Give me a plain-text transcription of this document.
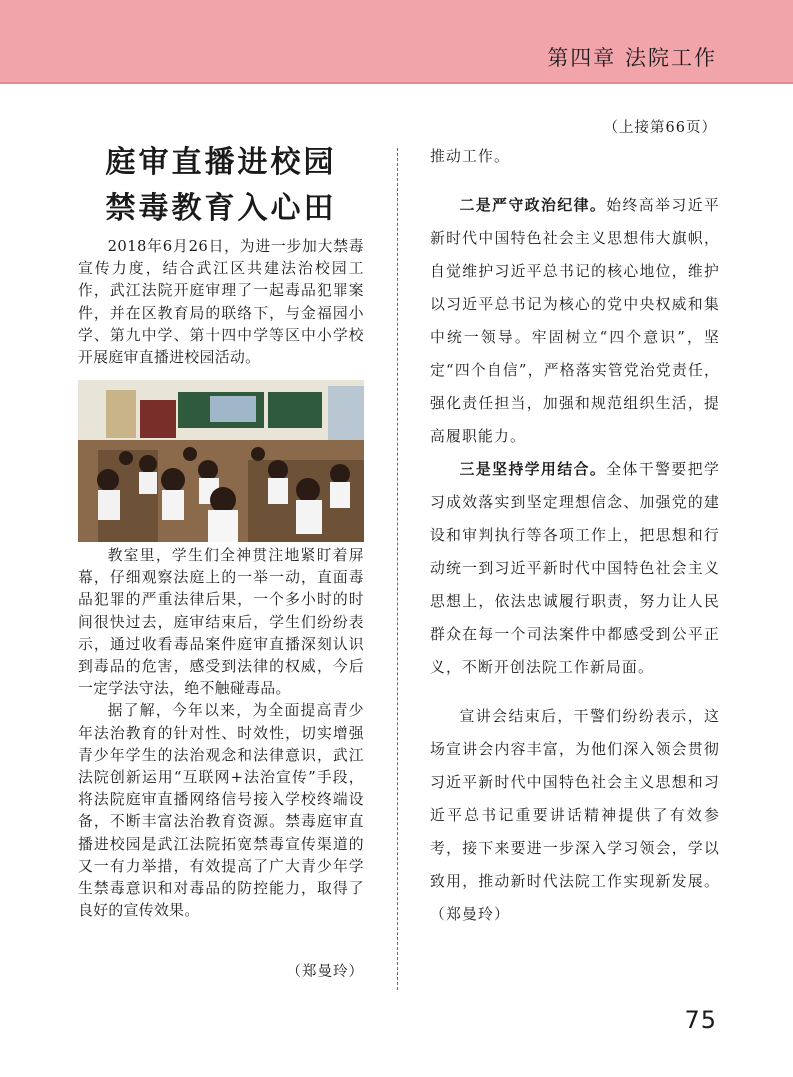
第四章 法院工作
（上接第66页）
庭审直播进校园
禁毒教育入心田

2018年6月26日，为进一步加大禁毒宣传力度，结合武江区共建法治校园工作，武江法院开庭审理了一起毒品犯罪案件，并在区教育局的联络下，与金福园小学、第九中学、第十四中学等区中小学校开展庭审直播进校园活动。

教室里，学生们全神贯注地紧盯着屏幕，仔细观察法庭上的一举一动，直面毒品犯罪的严重法律后果，一个多小时的时间很快过去，庭审结束后，学生们纷纷表示，通过收看毒品案件庭审直播深刻认识到毒品的危害，感受到法律的权威，今后一定学法守法，绝不触碰毒品。

据了解，今年以来，为全面提高青少年法治教育的针对性、时效性，切实增强青少年学生的法治观念和法律意识，武江法院创新运用“互联网+法治宣传”手段，将法院庭审直播网络信号接入学校终端设备，不断丰富法治教育资源。禁毒庭审直播进校园是武江法院拓宽禁毒宣传渠道的又一有力举措，有效提高了广大青少年学生禁毒意识和对毒品的防控能力，取得了良好的宣传效果。

（郑曼玲）

推动工作。

二是严守政治纪律。始终高举习近平新时代中国特色社会主义思想伟大旗帜，自觉维护习近平总书记的核心地位，维护以习近平总书记为核心的党中央权威和集中统一领导。牢固树立“四个意识”，坚定“四个自信”，严格落实管党治党责任，强化责任担当，加强和规范组织生活，提高履职能力。

三是坚持学用结合。全体干警要把学习成效落实到坚定理想信念、加强党的建设和审判执行等各项工作上，把思想和行动统一到习近平新时代中国特色社会主义思想上，依法忠诚履行职责，努力让人民群众在每一个司法案件中都感受到公平正义，不断开创法院工作新局面。

宣讲会结束后，干警们纷纷表示，这场宣讲会内容丰富，为他们深入领会贯彻习近平新时代中国特色社会主义思想和习近平总书记重要讲话精神提供了有效参考，接下来要进一步深入学习领会，学以致用，推动新时代法院工作实现新发展。（郑曼玲）

75
